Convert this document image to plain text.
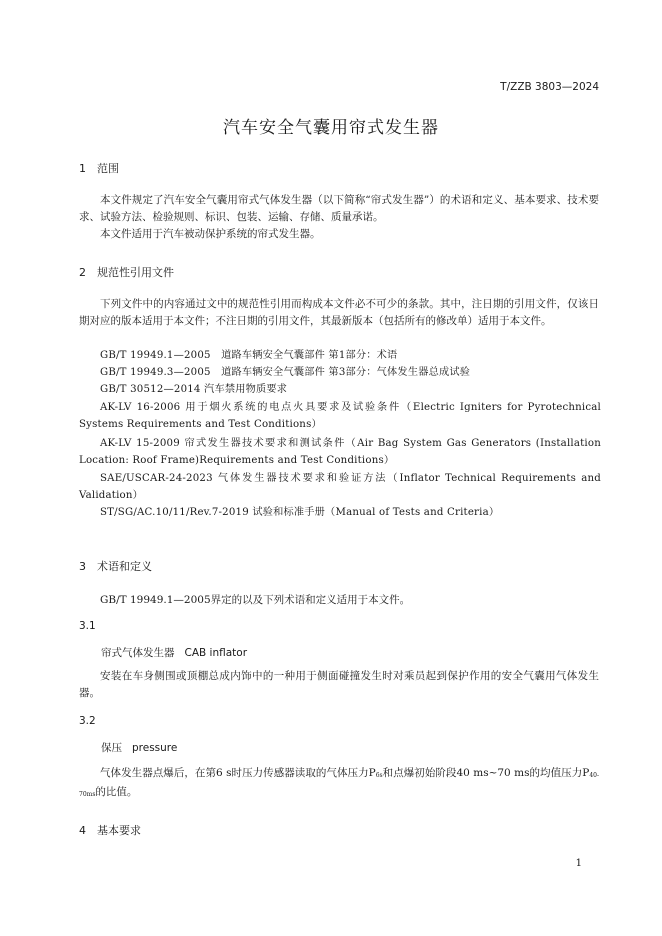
T/ZZB 3803—2024
汽车安全气囊用帘式发生器
1 范围
本文件规定了汽车安全气囊用帘式气体发生器（以下简称“帘式发生器”）的术语和定义、基本要求、技术要求、试验方法、检验规则、标识、包装、运输、存储、质量承诺。
本文件适用于汽车被动保护系统的帘式发生器。
2 规范性引用文件
下列文件中的内容通过文中的规范性引用而构成本文件必不可少的条款。其中，注日期的引用文件，仅该日期对应的版本适用于本文件；不注日期的引用文件，其最新版本（包括所有的修改单）适用于本文件。
GB/T 19949.1—2005　道路车辆安全气囊部件 第1部分：术语
GB/T 19949.3—2005　道路车辆安全气囊部件 第3部分：气体发生器总成试验
GB/T 30512—2014 汽车禁用物质要求
AK-LV 16-2006 用于烟火系统的电点火具要求及试验条件（Electric Igniters for Pyrotechnical Systems Requirements and Test Conditions）
AK-LV 15-2009 帘式发生器技术要求和测试条件（Air Bag System Gas Generators (Installation Location: Roof Frame)Requirements and Test Conditions）
SAE/USCAR-24-2023 气体发生器技术要求和验证方法（Inflator Technical Requirements and Validation）
ST/SG/AC.10/11/Rev.7-2019 试验和标准手册（Manual of Tests and Criteria）
3 术语和定义
GB/T 19949.1—2005界定的以及下列术语和定义适用于本文件。
3.1
帘式气体发生器 CAB inflator
安装在车身侧围或顶棚总成内饰中的一种用于侧面碰撞发生时对乘员起到保护作用的安全气囊用气体发生器。
3.2
保压 pressure
气体发生器点爆后，在第6 s时压力传感器读取的气体压力$P_{6s}$和点爆初始阶段40 ms~70 ms的均值压力$P_{40-70ms}$的比值。
4 基本要求
1
